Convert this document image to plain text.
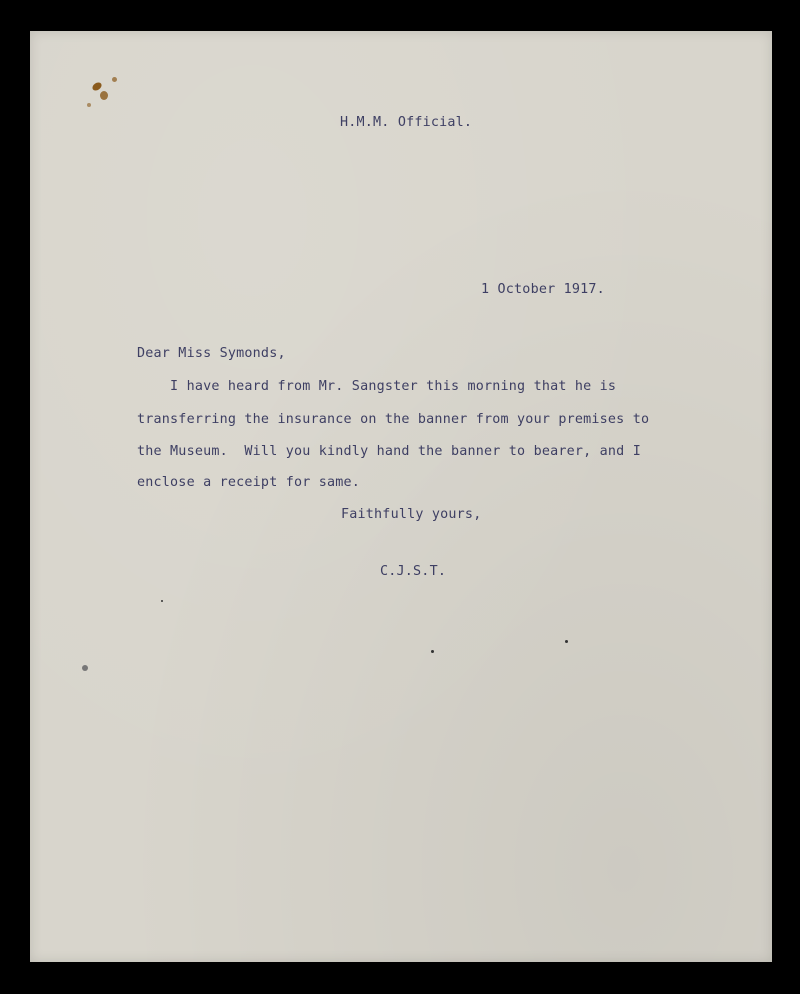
H.M.M. Official.

1 October 1917.

Dear Miss Symonds,

I have heard from Mr. Sangster this morning that he is

transferring the insurance on the banner from your premises to

the Museum.  Will you kindly hand the banner to bearer, and I

enclose a receipt for same.

Faithfully yours,

C.J.S.T.
